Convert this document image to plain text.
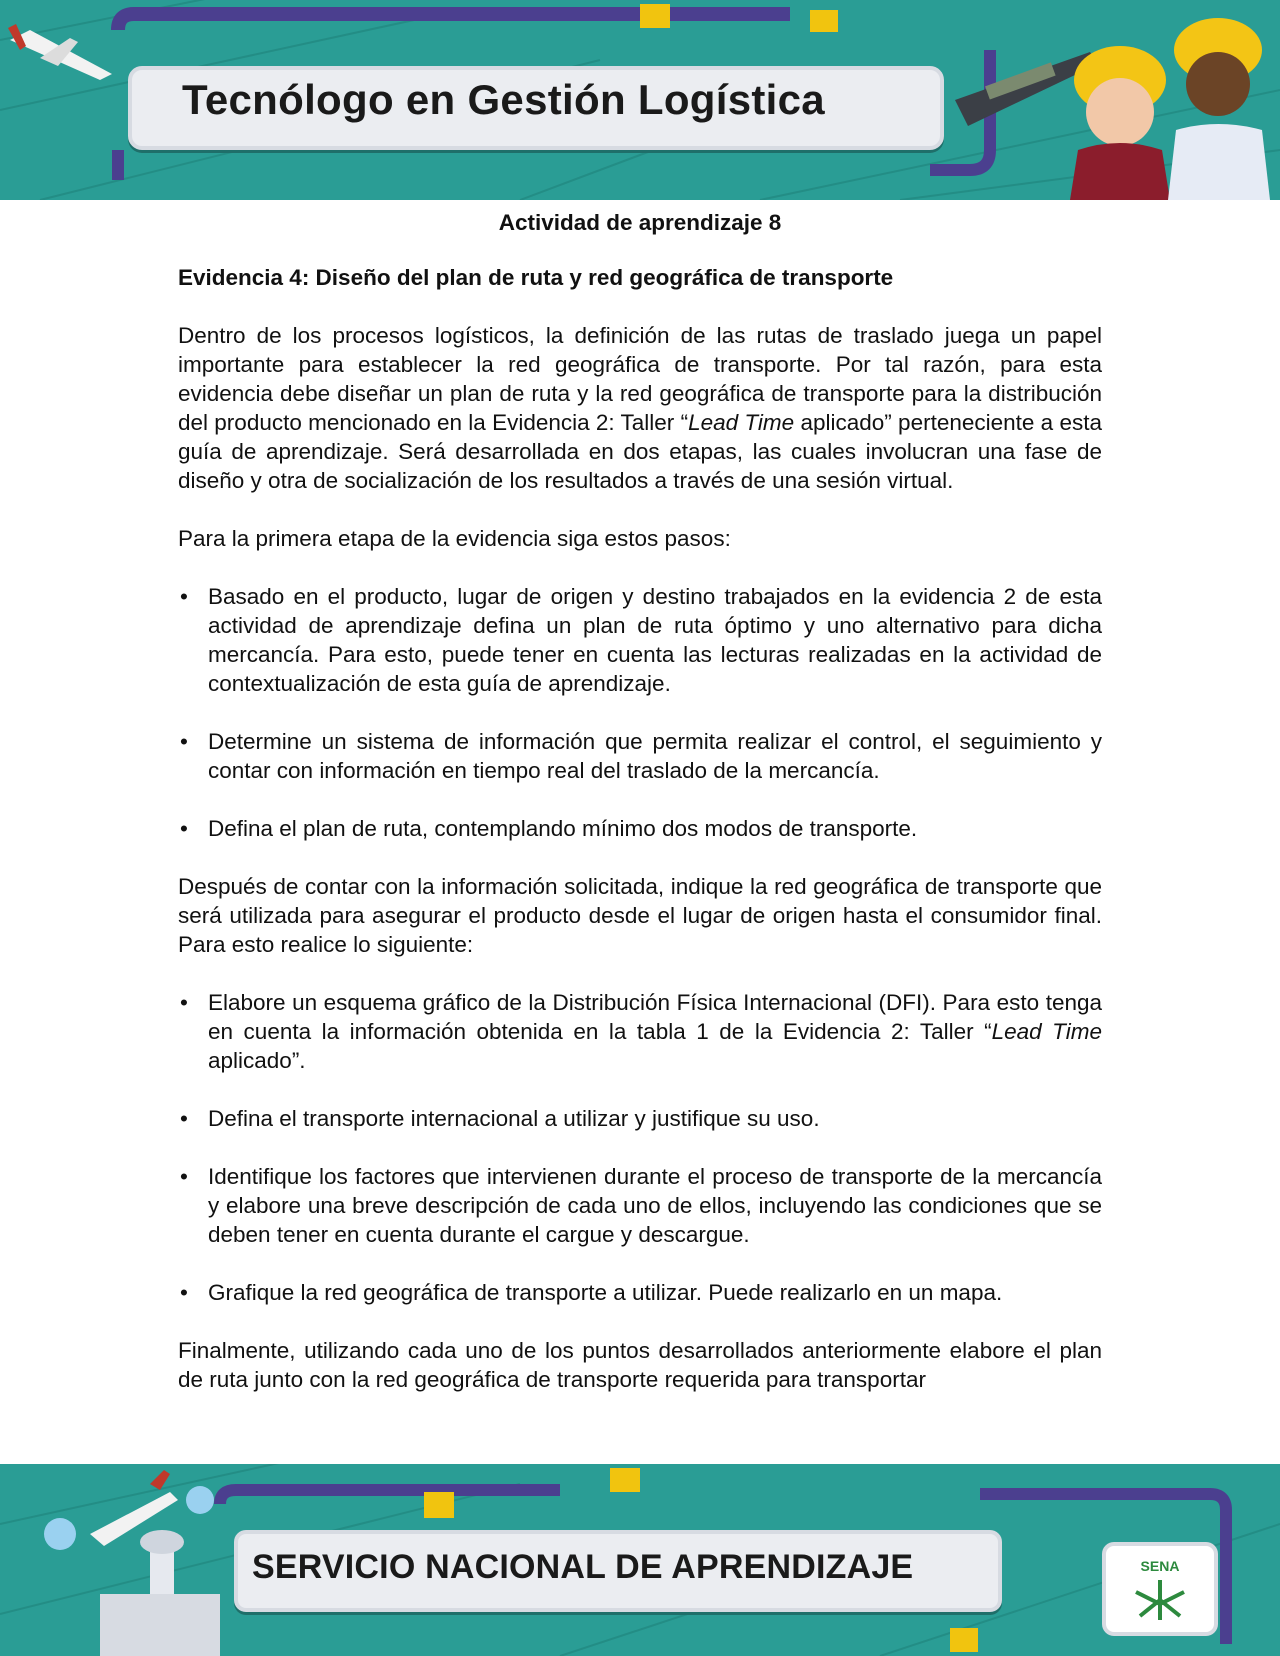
Tecnólogo en Gestión Logística
Actividad de aprendizaje 8
Evidencia 4: Diseño del plan de ruta y red geográfica de transporte

Dentro de los procesos logísticos, la definición de las rutas de traslado juega un papel importante para establecer la red geográfica de transporte. Por tal razón, para esta evidencia debe diseñar un plan de ruta y la red geográfica de transporte para la distribución del producto mencionado en la Evidencia 2: Taller “Lead Time aplicado” perteneciente a esta guía de aprendizaje. Será desarrollada en dos etapas, las cuales involucran una fase de diseño y otra de socialización de los resultados a través de una sesión virtual.

Para la primera etapa de la evidencia siga estos pasos:

• Basado en el producto, lugar de origen y destino trabajados en la evidencia 2 de esta actividad de aprendizaje defina un plan de ruta óptimo y uno alternativo para dicha mercancía. Para esto, puede tener en cuenta las lecturas realizadas en la actividad de contextualización de esta guía de aprendizaje.
• Determine un sistema de información que permita realizar el control, el seguimiento y contar con información en tiempo real del traslado de la mercancía.
• Defina el plan de ruta, contemplando mínimo dos modos de transporte.

Después de contar con la información solicitada, indique la red geográfica de transporte que será utilizada para asegurar el producto desde el lugar de origen hasta el consumidor final. Para esto realice lo siguiente:

• Elabore un esquema gráfico de la Distribución Física Internacional (DFI). Para esto tenga en cuenta la información obtenida en la tabla 1 de la Evidencia 2: Taller “Lead Time aplicado”.
• Defina el transporte internacional a utilizar y justifique su uso.
• Identifique los factores que intervienen durante el proceso de transporte de la mercancía y elabore una breve descripción de cada uno de ellos, incluyendo las condiciones que se deben tener en cuenta durante el cargue y descargue.
• Grafique la red geográfica de transporte a utilizar. Puede realizarlo en un mapa.

Finalmente, utilizando cada uno de los puntos desarrollados anteriormente elabore el plan de ruta junto con la red geográfica de transporte requerida para transportar

SERVICIO NACIONAL DE APRENDIZAJE	SENA
